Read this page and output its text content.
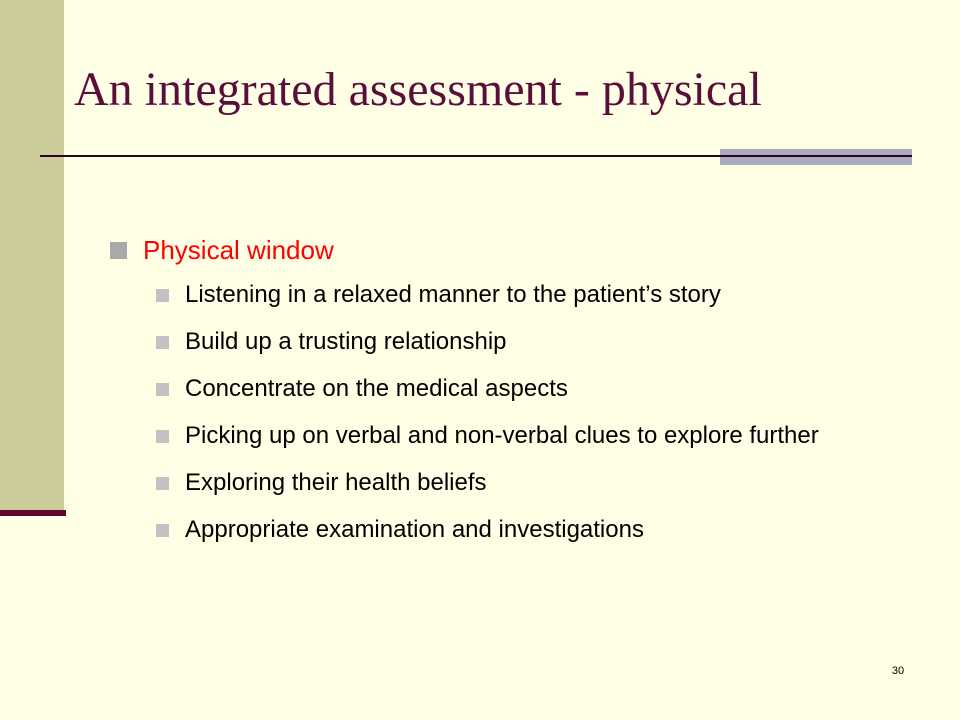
An integrated assessment - physical
Physical window
Listening in a relaxed manner to the patient’s story
Build up a trusting relationship
Concentrate on the medical aspects
Picking up on verbal and non-verbal clues to explore further
Exploring their health beliefs
Appropriate examination and investigations
30
